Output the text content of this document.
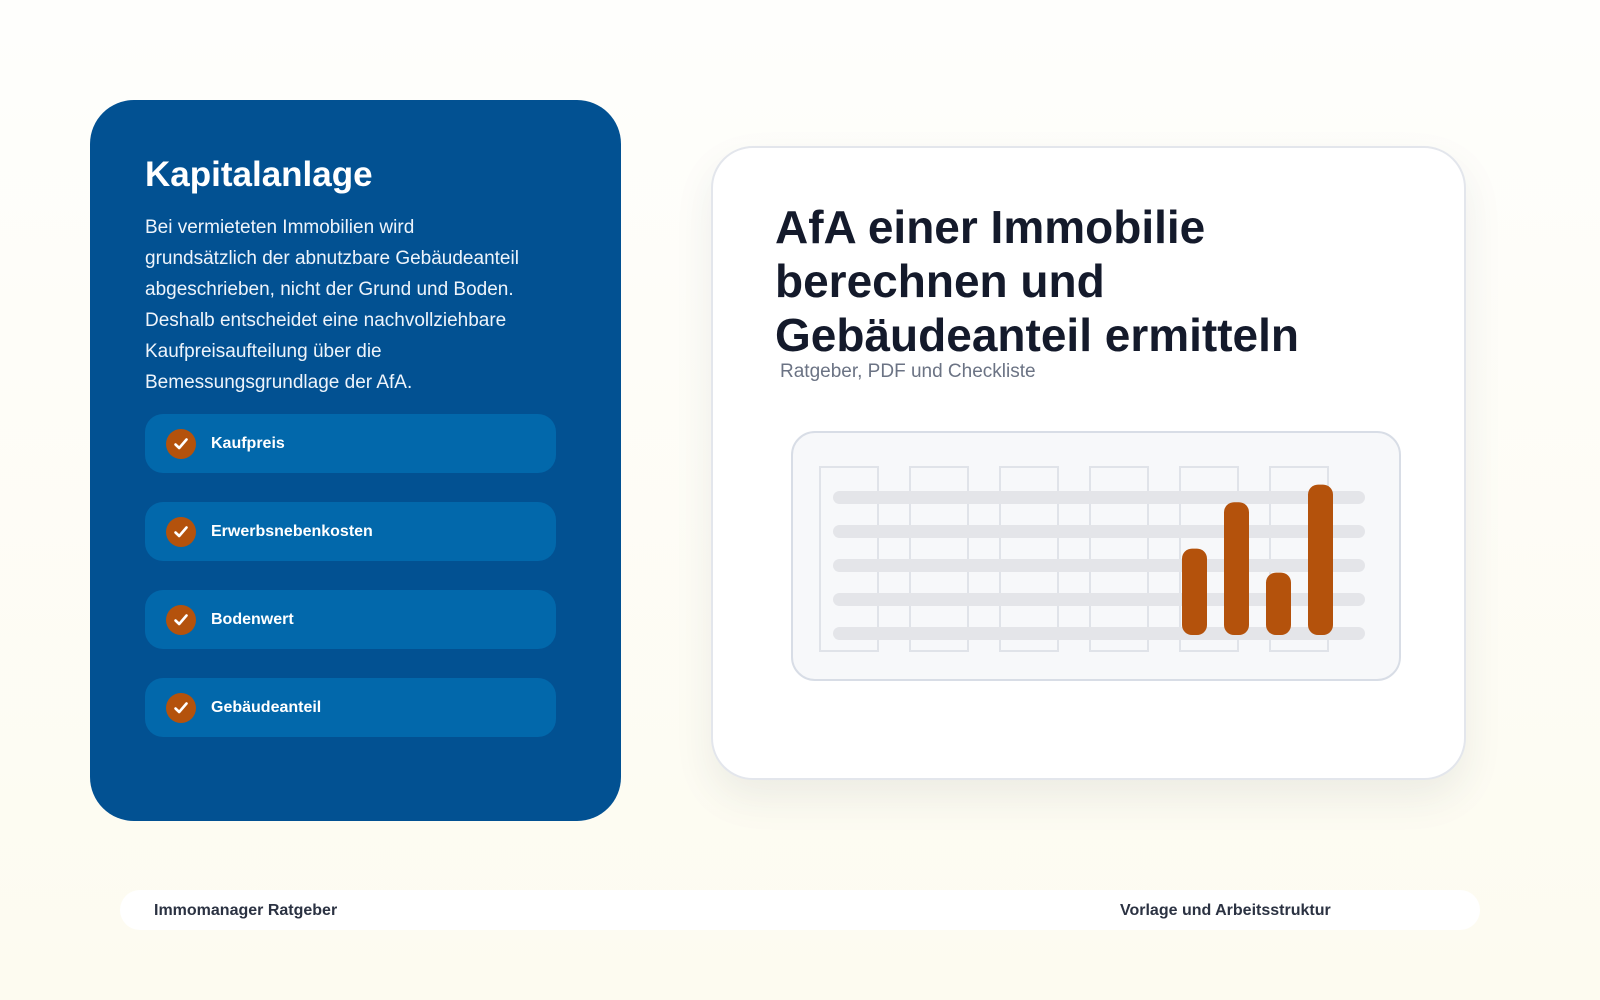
Kapitalanlage

Bei vermieteten Immobilien wird grundsätzlich der abnutzbare Gebäudeanteil abgeschrieben, nicht der Grund und Boden. Deshalb entscheidet eine nachvollziehbare Kaufpreisaufteilung über die Bemessungsgrundlage der AfA.

Kaufpreis
Erwerbsnebenkosten
Bodenwert
Gebäudeanteil
AfA einer Immobilie berechnen und Gebäudeanteil ermitteln
Ratgeber, PDF und Checkliste
Immomanager Ratgeber	Vorlage und Arbeitsstruktur
